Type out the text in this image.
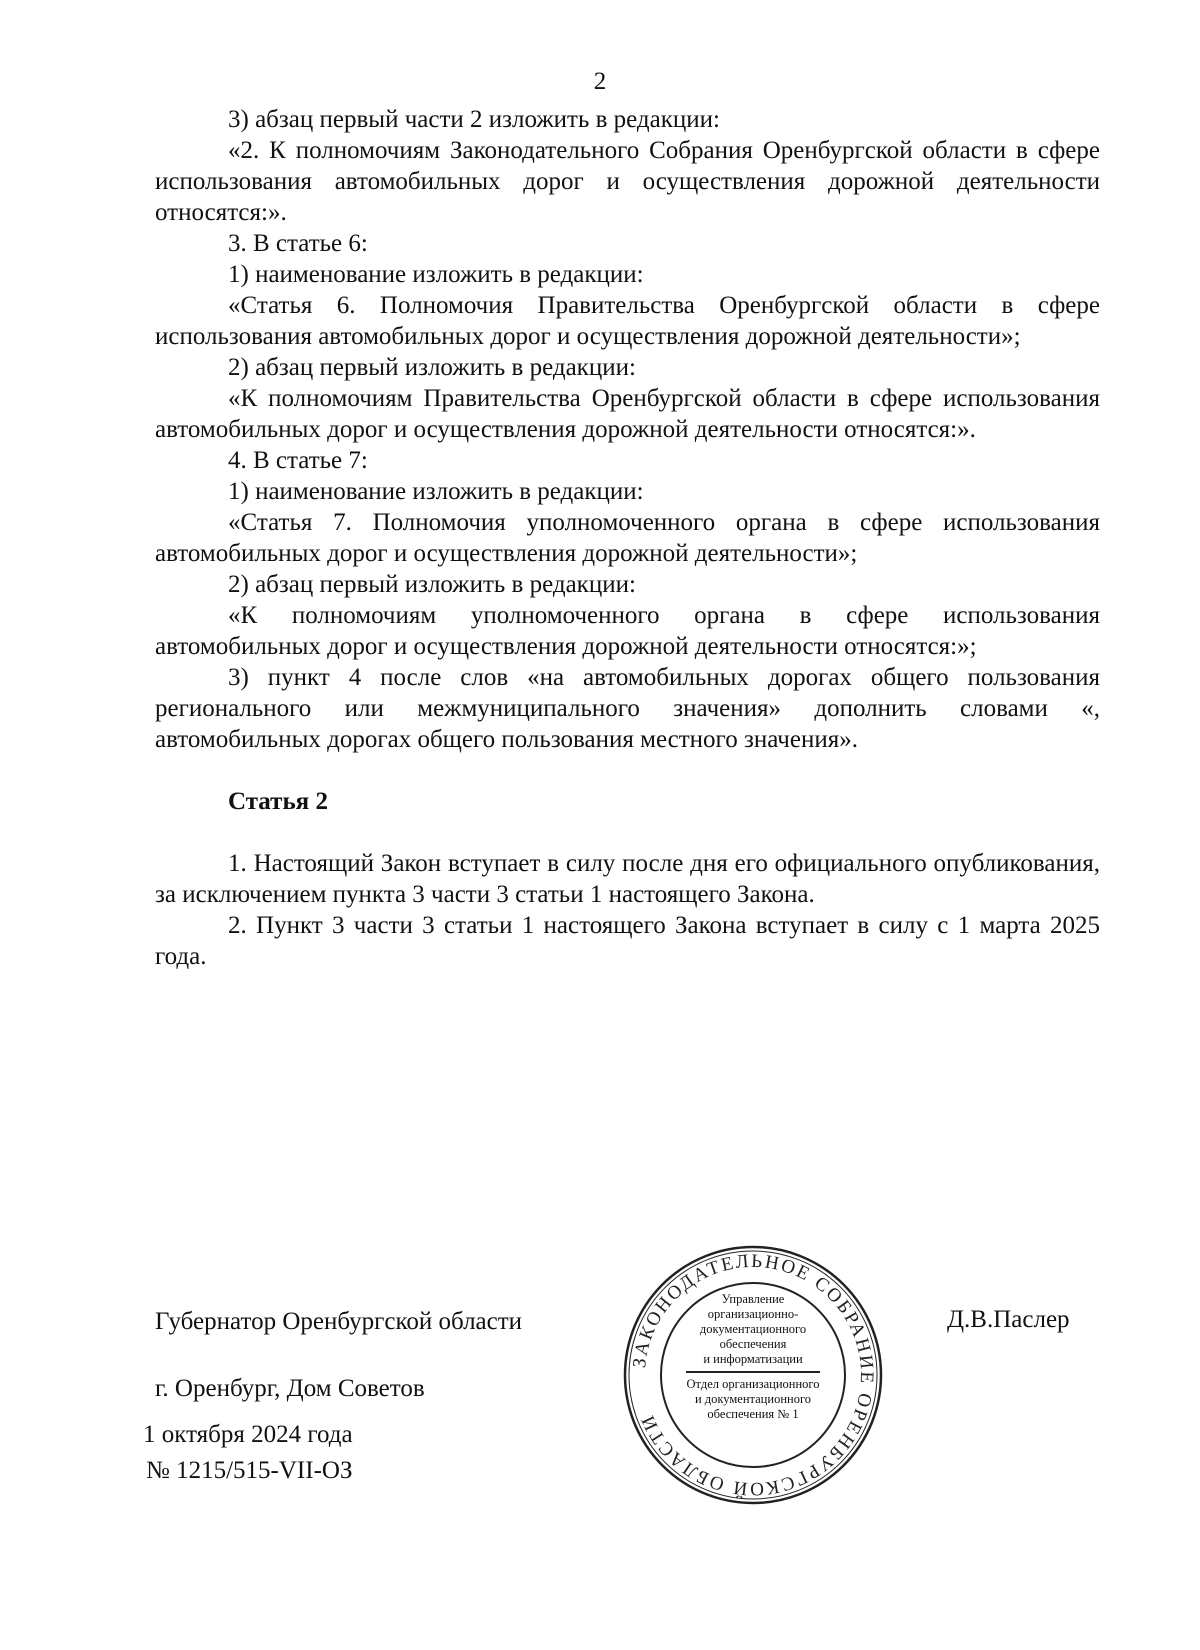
2

3) абзац первый части 2 изложить в редакции:

«2. К полномочиям Законодательного Собрания Оренбургской области в сфере использования автомобильных дорог и осуществления дорожной деятельности относятся:».

3. В статье 6:

1) наименование изложить в редакции:

«Статья 6. Полномочия Правительства Оренбургской области в сфере использования автомобильных дорог и осуществления дорожной деятельности»;

2) абзац первый изложить в редакции:

«К полномочиям Правительства Оренбургской области в сфере использования автомобильных дорог и осуществления дорожной деятельности относятся:».

4. В статье 7:

1) наименование изложить в редакции:

«Статья 7. Полномочия уполномоченного органа в сфере использования автомобильных дорог и осуществления дорожной деятельности»;

2) абзац первый изложить в редакции:

«К полномочиям уполномоченного органа в сфере использования автомобильных дорог и осуществления дорожной деятельности относятся:»;

3) пункт 4 после слов «на автомобильных дорогах общего пользования регионального или межмуниципального значения» дополнить словами «, автомобильных дорогах общего пользования местного значения».

Статья 2

1. Настоящий Закон вступает в силу после дня его официального опубликования, за исключением пункта 3 части 3 статьи 1 настоящего Закона.

2. Пункт 3 части 3 статьи 1 настоящего Закона вступает в силу с 1 марта 2025 года.

Губернатор Оренбургской области	Д.В.Паслер
г. Оренбург, Дом Советов
1 октября 2024 года
№ 1215/515-VII-ОЗ
ЗАКОНОДАТЕЛЬНОЕ СОБРАНИЕ ОРЕНБУРГСКОЙ ОБЛАСТИ
Управление
организационно-
документационного
обеспечения
и информатизации
Отдел организационного
и документационного
обеспечения № 1
